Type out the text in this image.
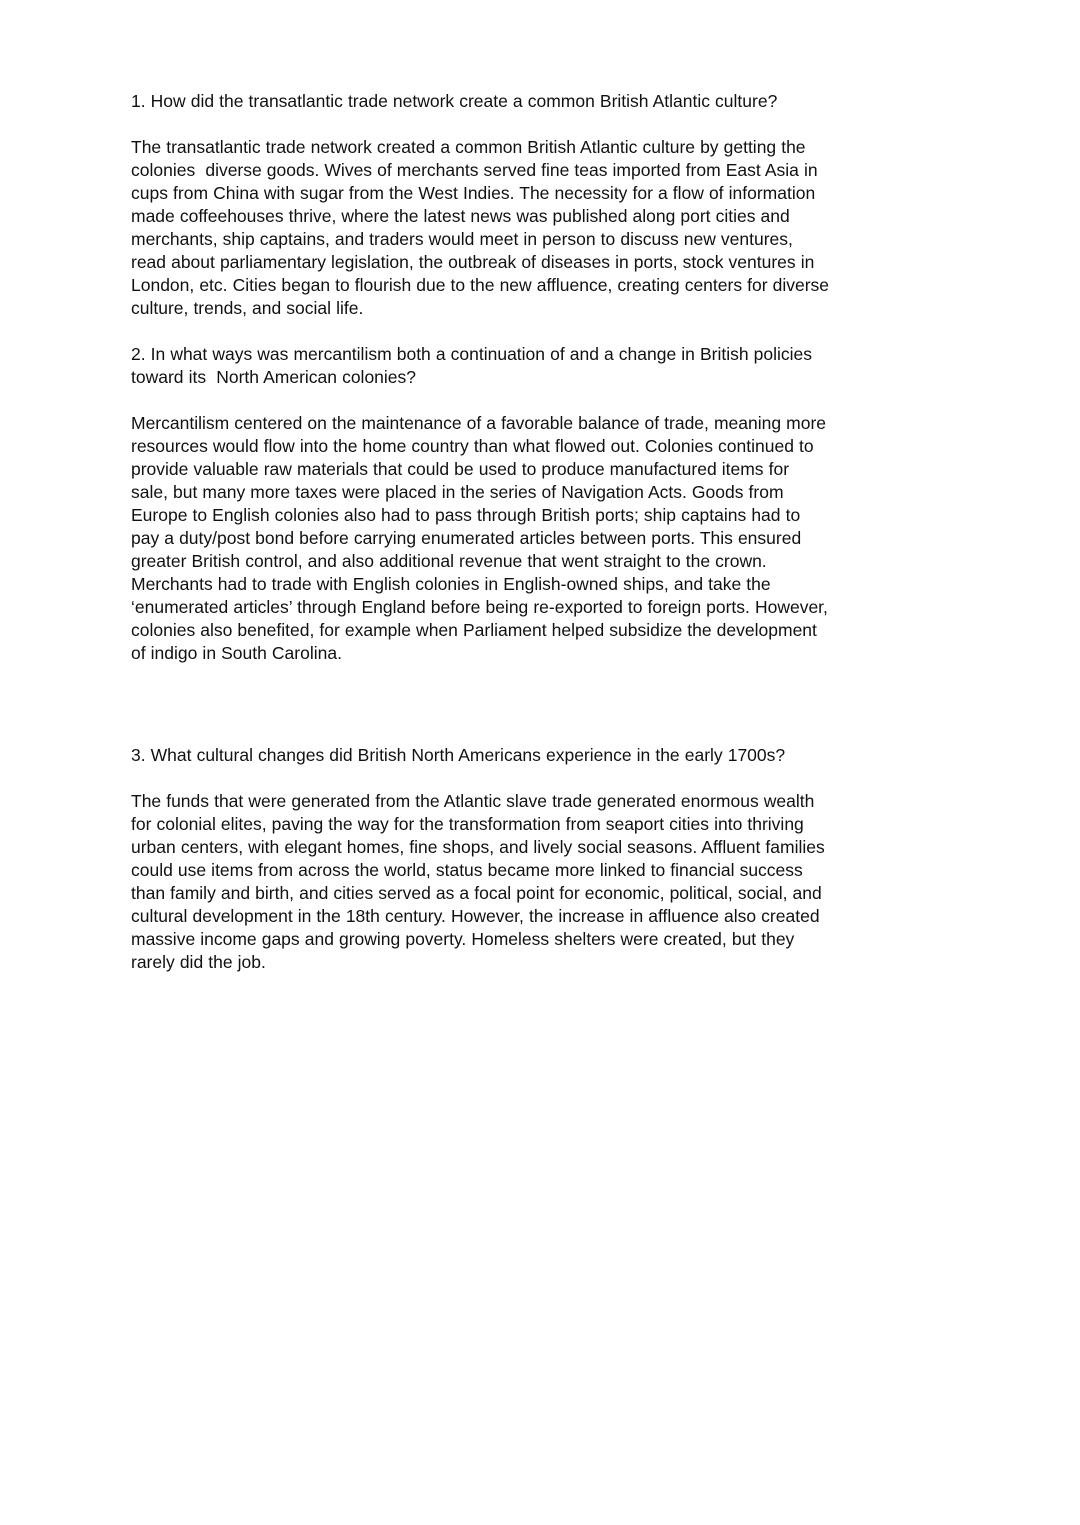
1. How did the transatlantic trade network create a common British Atlantic culture?

The transatlantic trade network created a common British Atlantic culture by getting the colonies  diverse goods. Wives of merchants served fine teas imported from East Asia in cups from China with sugar from the West Indies. The necessity for a flow of information made coffeehouses thrive, where the latest news was published along port cities and merchants, ship captains, and traders would meet in person to discuss new ventures, read about parliamentary legislation, the outbreak of diseases in ports, stock ventures in London, etc. Cities began to flourish due to the new affluence, creating centers for diverse culture, trends, and social life.

2. In what ways was mercantilism both a continuation of and a change in British policies toward its  North American colonies?

Mercantilism centered on the maintenance of a favorable balance of trade, meaning more resources would flow into the home country than what flowed out. Colonies continued to provide valuable raw materials that could be used to produce manufactured items for sale, but many more taxes were placed in the series of Navigation Acts. Goods from Europe to English colonies also had to pass through British ports; ship captains had to pay a duty/post bond before carrying enumerated articles between ports. This ensured greater British control, and also additional revenue that went straight to the crown. Merchants had to trade with English colonies in English-owned ships, and take the ‘enumerated articles’ through England before being re-exported to foreign ports. However, colonies also benefited, for example when Parliament helped subsidize the development of indigo in South Carolina.

3. What cultural changes did British North Americans experience in the early 1700s?

The funds that were generated from the Atlantic slave trade generated enormous wealth for colonial elites, paving the way for the transformation from seaport cities into thriving urban centers, with elegant homes, fine shops, and lively social seasons. Affluent families could use items from across the world, status became more linked to financial success than family and birth, and cities served as a focal point for economic, political, social, and cultural development in the 18th century. However, the increase in affluence also created massive income gaps and growing poverty. Homeless shelters were created, but they rarely did the job.
